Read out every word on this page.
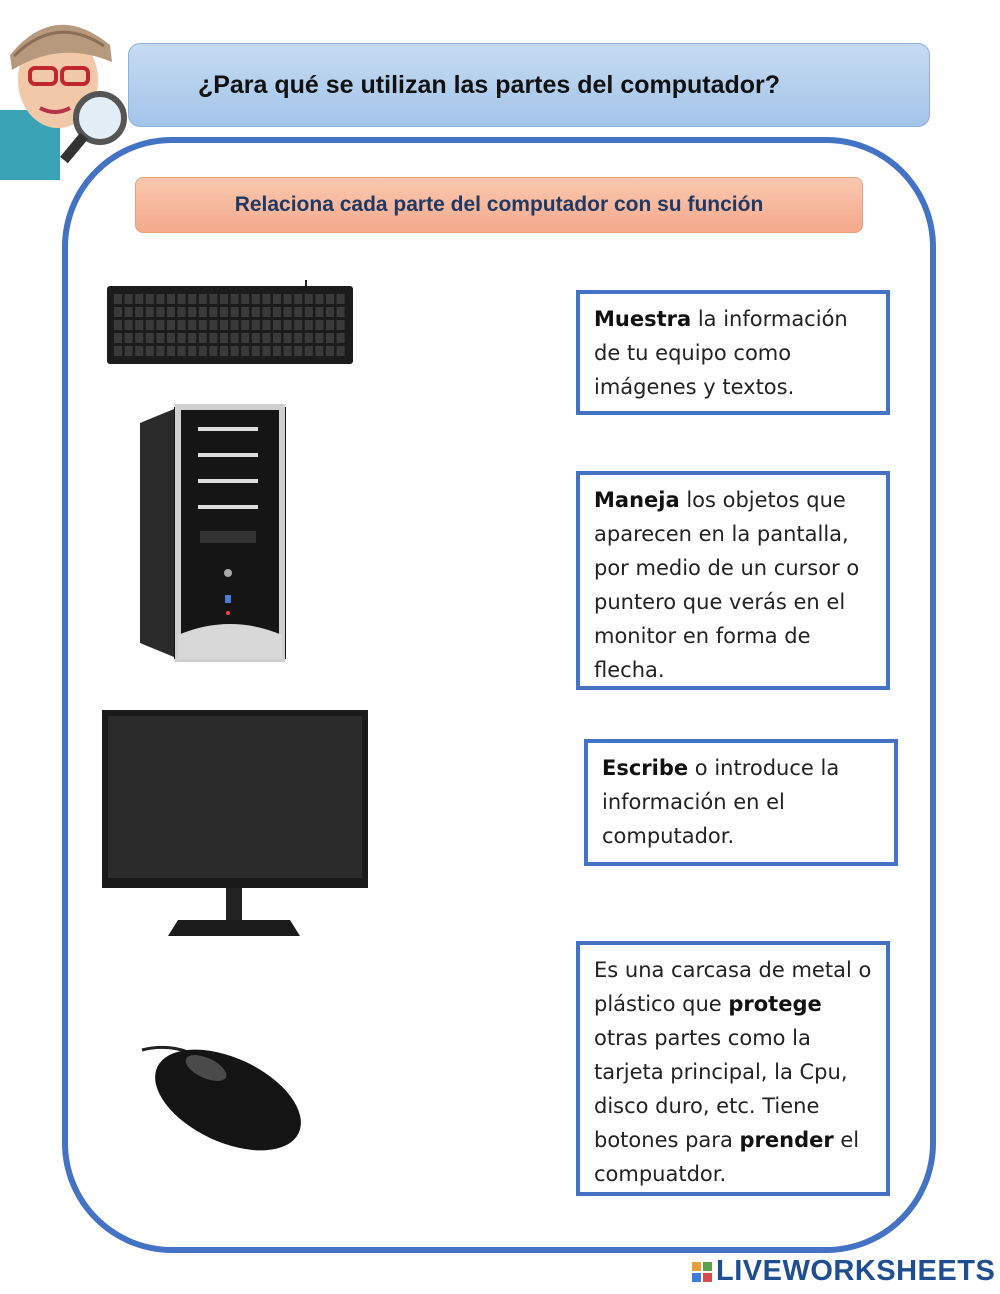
¿Para qué se utilizan las partes del computador?
Relaciona cada parte del computador con su función
Muestra la información de tu equipo como imágenes y textos.
Maneja los objetos que aparecen en la pantalla, por medio de un cursor o puntero que verás en el monitor en forma de flecha.
Escribe o introduce la información en el computador.
Es una carcasa de metal o plástico que protege otras partes como la tarjeta principal, la Cpu, disco duro, etc. Tiene botones para prender el compuatdor.
LIVEWORKSHEETS
